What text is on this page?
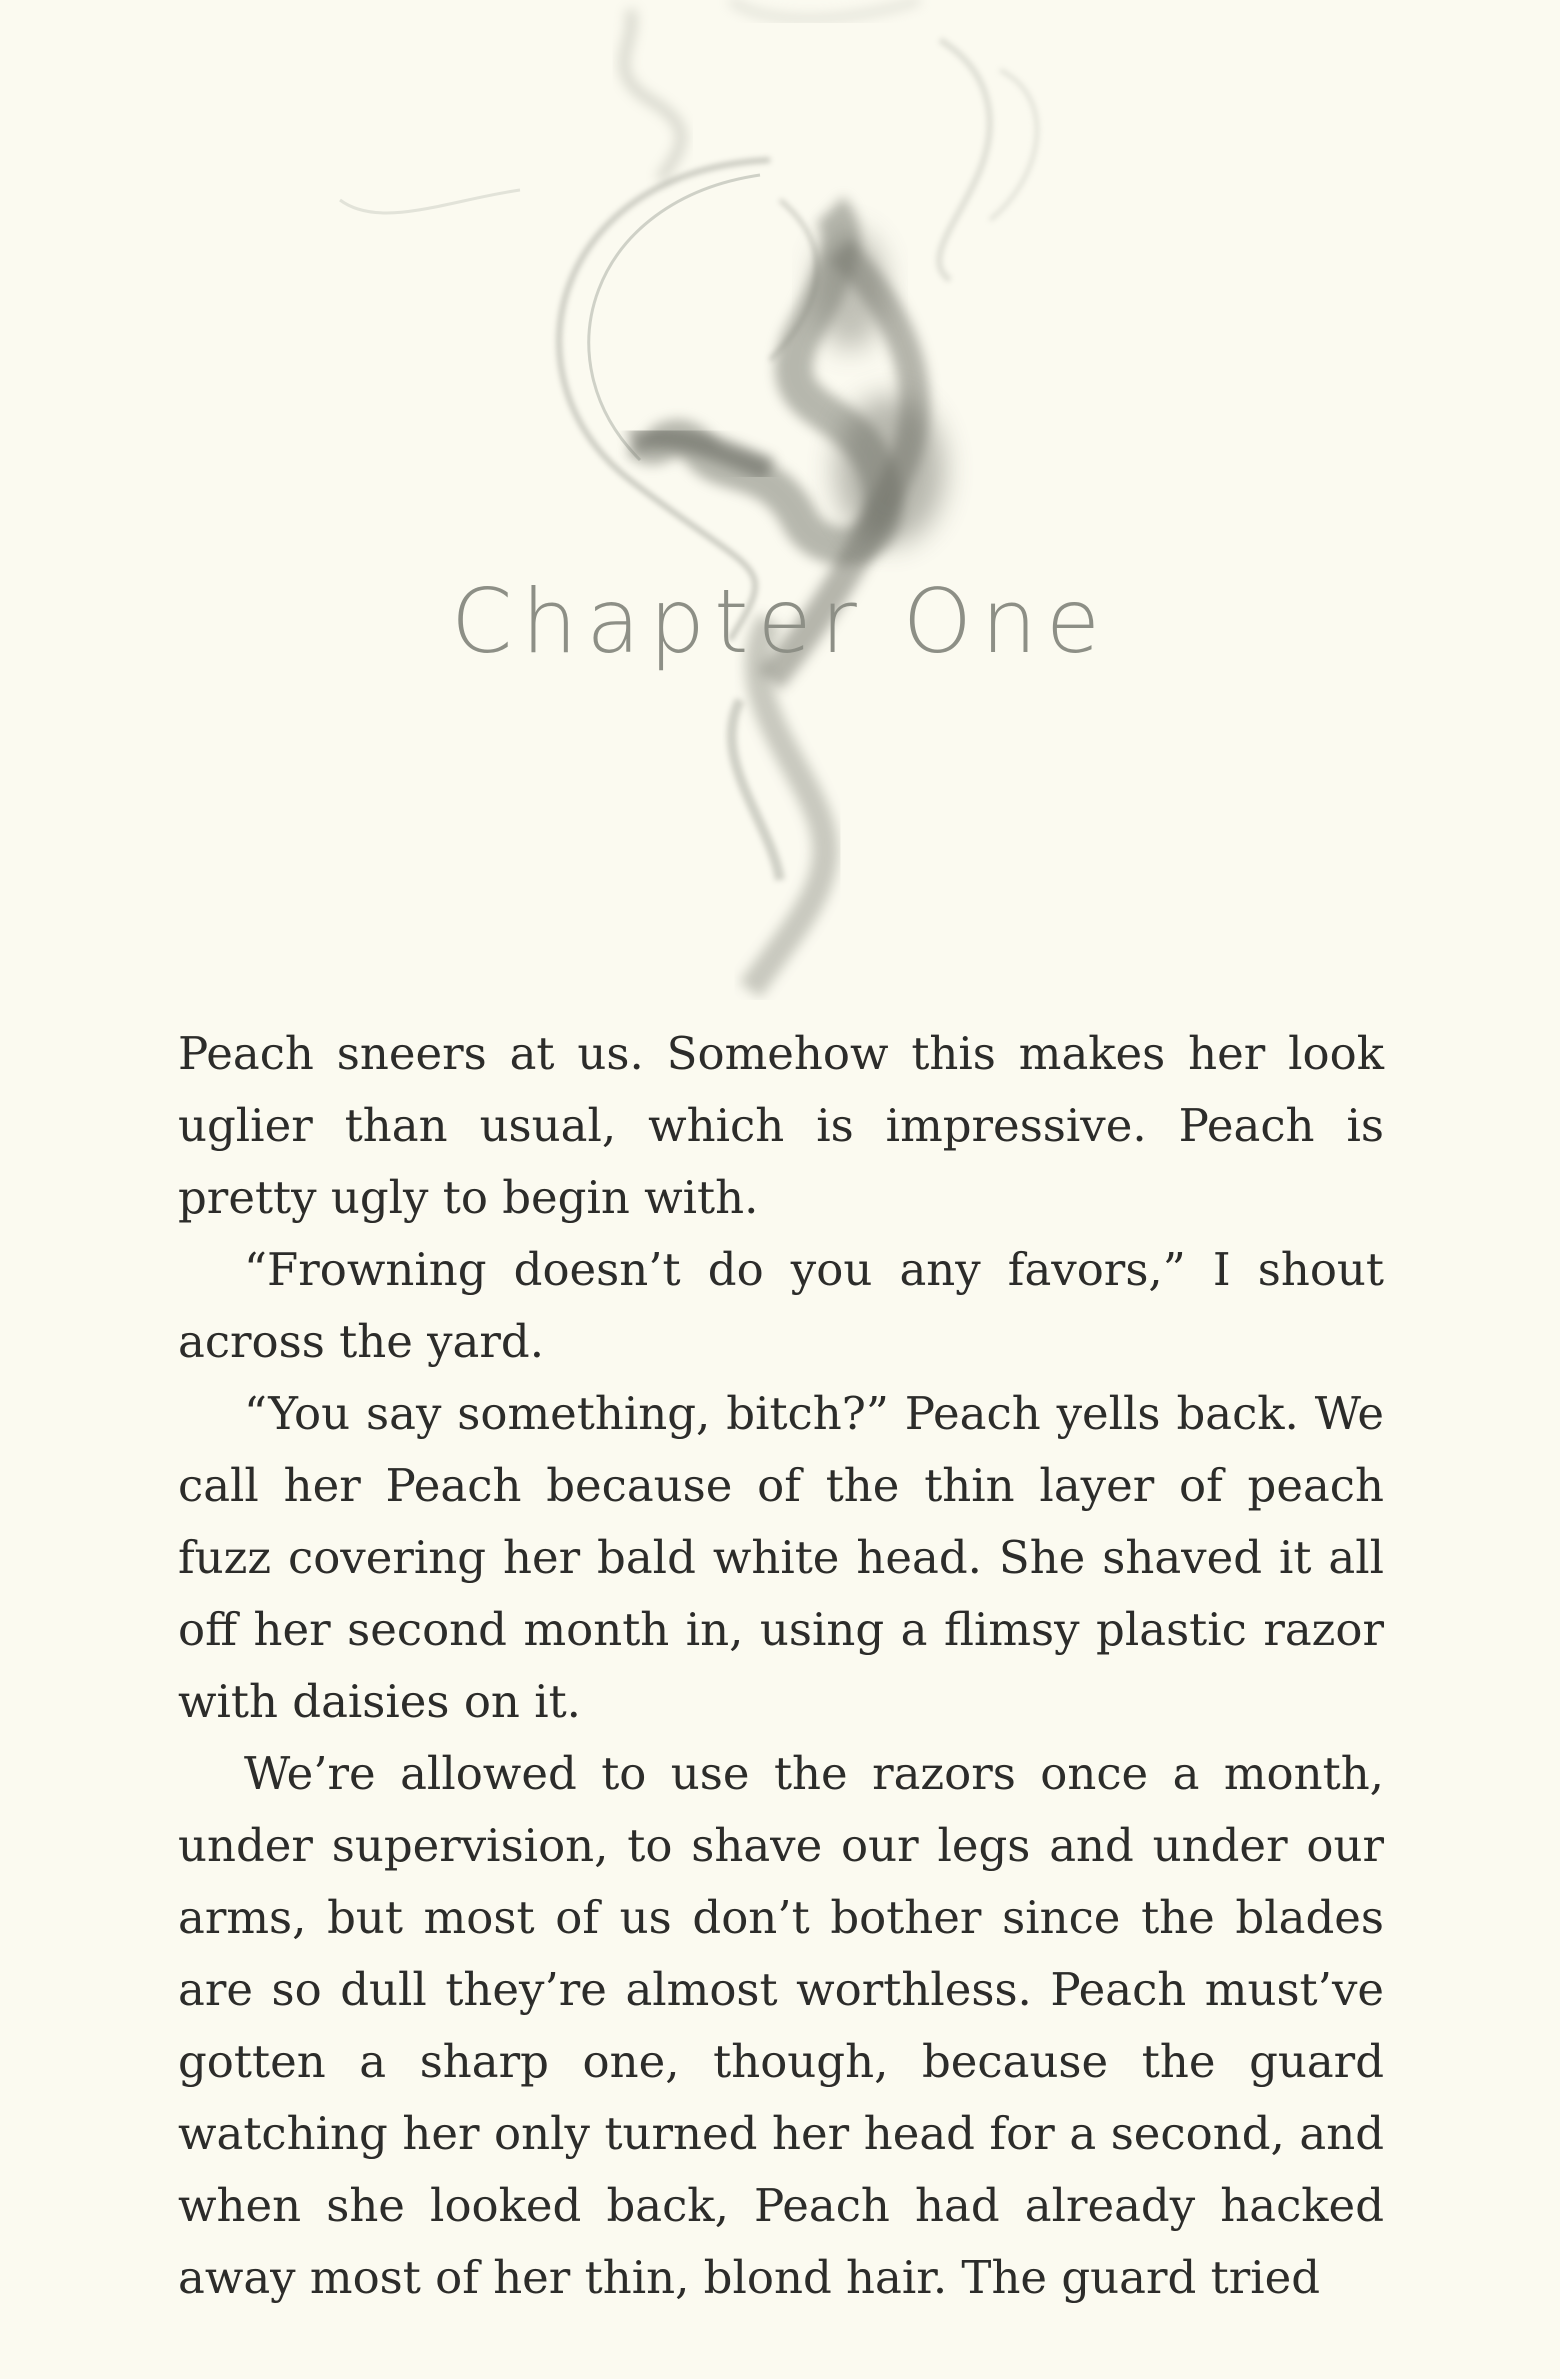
Chapter One

Peach sneers at us. Somehow this makes her look uglier than usual, which is impressive. Peach is pretty ugly to begin with.

“Frowning doesn’t do you any favors,” I shout across the yard.

“You say something, bitch?” Peach yells back. We call her Peach because of the thin layer of peach fuzz covering her bald white head. She shaved it all off her second month in, using a flimsy plastic razor with daisies on it.

We’re allowed to use the razors once a month, under supervision, to shave our legs and under our arms, but most of us don’t bother since the blades are so dull they’re almost worthless. Peach must’ve gotten a sharp one, though, because the guard watching her only turned her head for a second, and when she looked back, Peach had already hacked away most of her thin, blond hair. The guard tried
